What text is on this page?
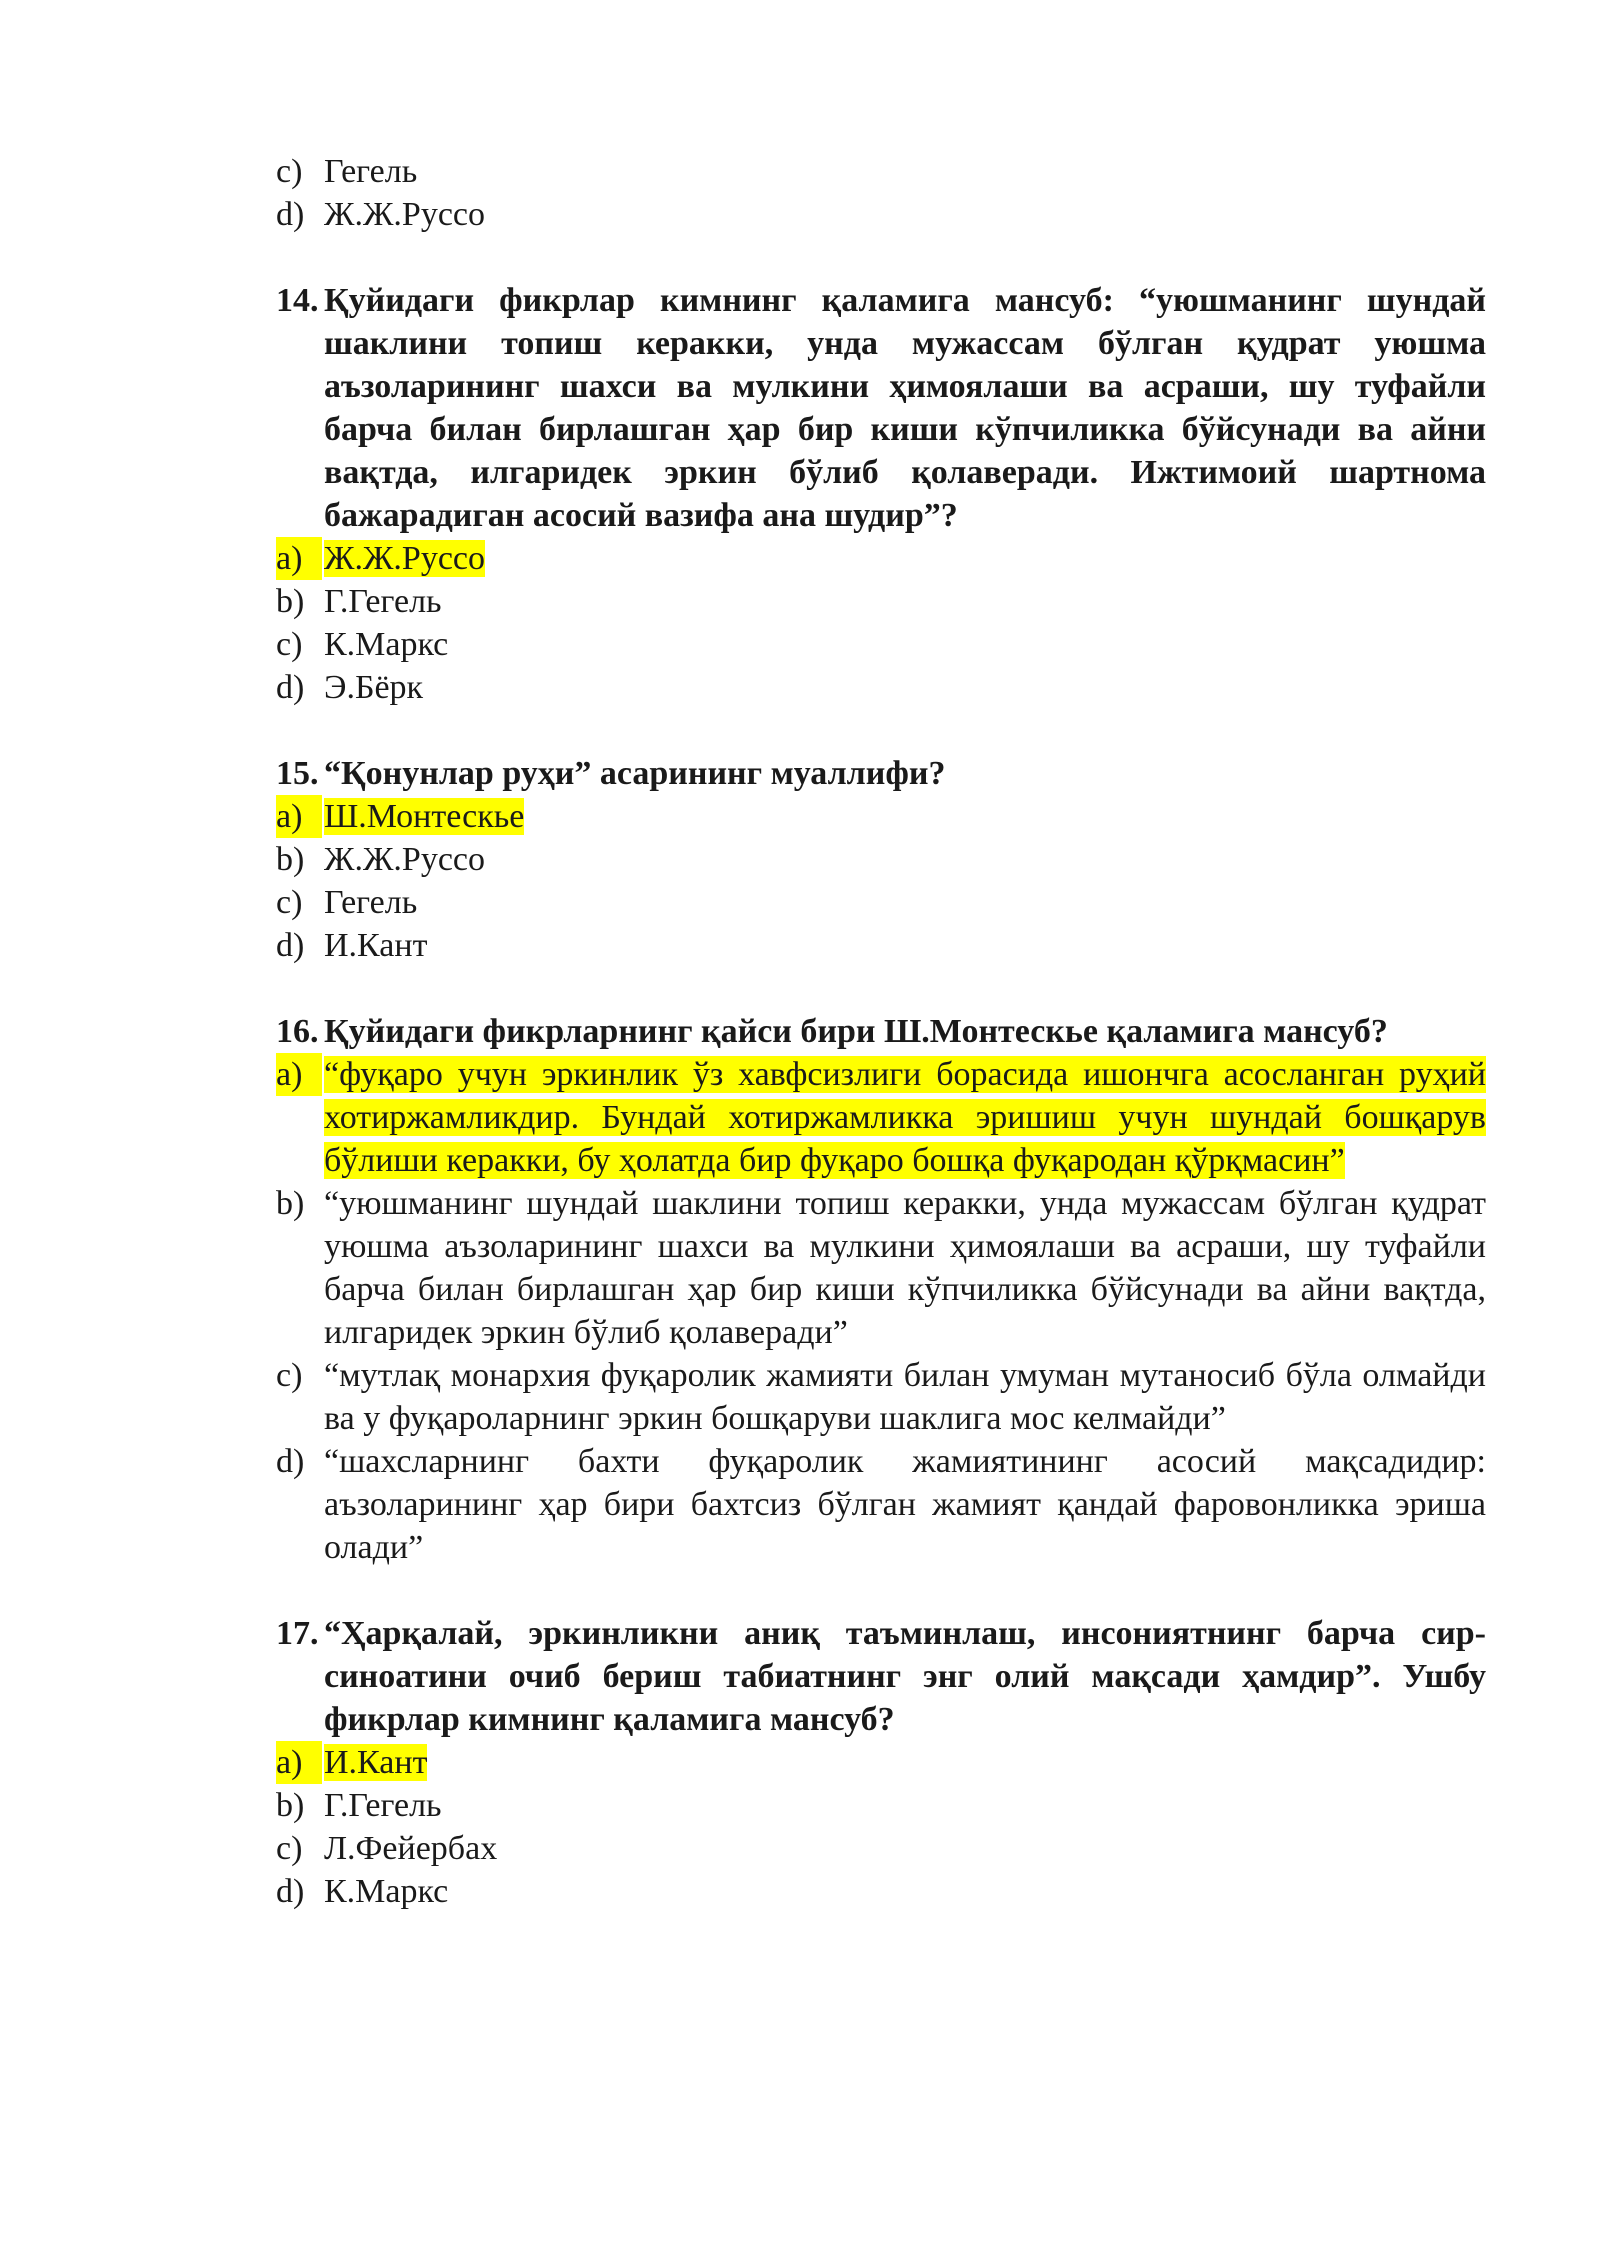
c) Гегель
d) Ж.Ж.Руссо
14. Қуйидаги фикрлар кимнинг қаламига мансуб: “уюшманинг шундай шаклини топиш керакки, унда мужассам бўлган қудрат уюшма аъзоларининг шахси ва мулкини ҳимоялаши ва асраши, шу туфайли барча билан бирлашган ҳар бир киши кўпчиликка бўйсунади ва айни вақтда, илгаридек эркин бўлиб қолаверади. Ижтимоий шартнома бажарадиган асосий вазифа ана шудир”?
a) Ж.Ж.Руссо
b) Г.Гегель
c) К.Маркс
d) Э.Бёрк
15. “Қонунлар руҳи” асарининг муаллифи?
a) Ш.Монтескье
b) Ж.Ж.Руссо
c) Гегель
d) И.Кант
16. Қуйидаги фикрларнинг қайси бири Ш.Монтескье қаламига мансуб?
a) “фуқаро учун эркинлик ўз хавфсизлиги борасида ишончга асосланган руҳий хотиржамликдир. Бундай хотиржамликка эришиш учун шундай бошқарув бўлиши керакки, бу ҳолатда бир фуқаро бошқа фуқародан қўрқмасин”
b) “уюшманинг шундай шаклини топиш керакки, унда мужассам бўлган қудрат уюшма аъзоларининг шахси ва мулкини ҳимоялаши ва асраши, шу туфайли барча билан бирлашган ҳар бир киши кўпчиликка бўйсунади ва айни вақтда, илгаридек эркин бўлиб қолаверади”
c) “мутлақ монархия фуқаролик жамияти билан умуман мутаносиб бўла олмайди ва у фуқароларнинг эркин бошқаруви шаклига мос келмайди”
d) “шахсларнинг бахти фуқаролик жамиятининг асосий мақсадидир: аъзоларининг ҳар бири бахтсиз бўлган жамият қандай фаровонликка эриша олади”
17. “Ҳарқалай, эркинликни аниқ таъминлаш, инсониятнинг барча сир-синоатини очиб бериш табиатнинг энг олий мақсади ҳамдир”. Ушбу фикрлар кимнинг қаламига мансуб?
a) И.Кант
b) Г.Гегель
c) Л.Фейербах
d) К.Маркс
